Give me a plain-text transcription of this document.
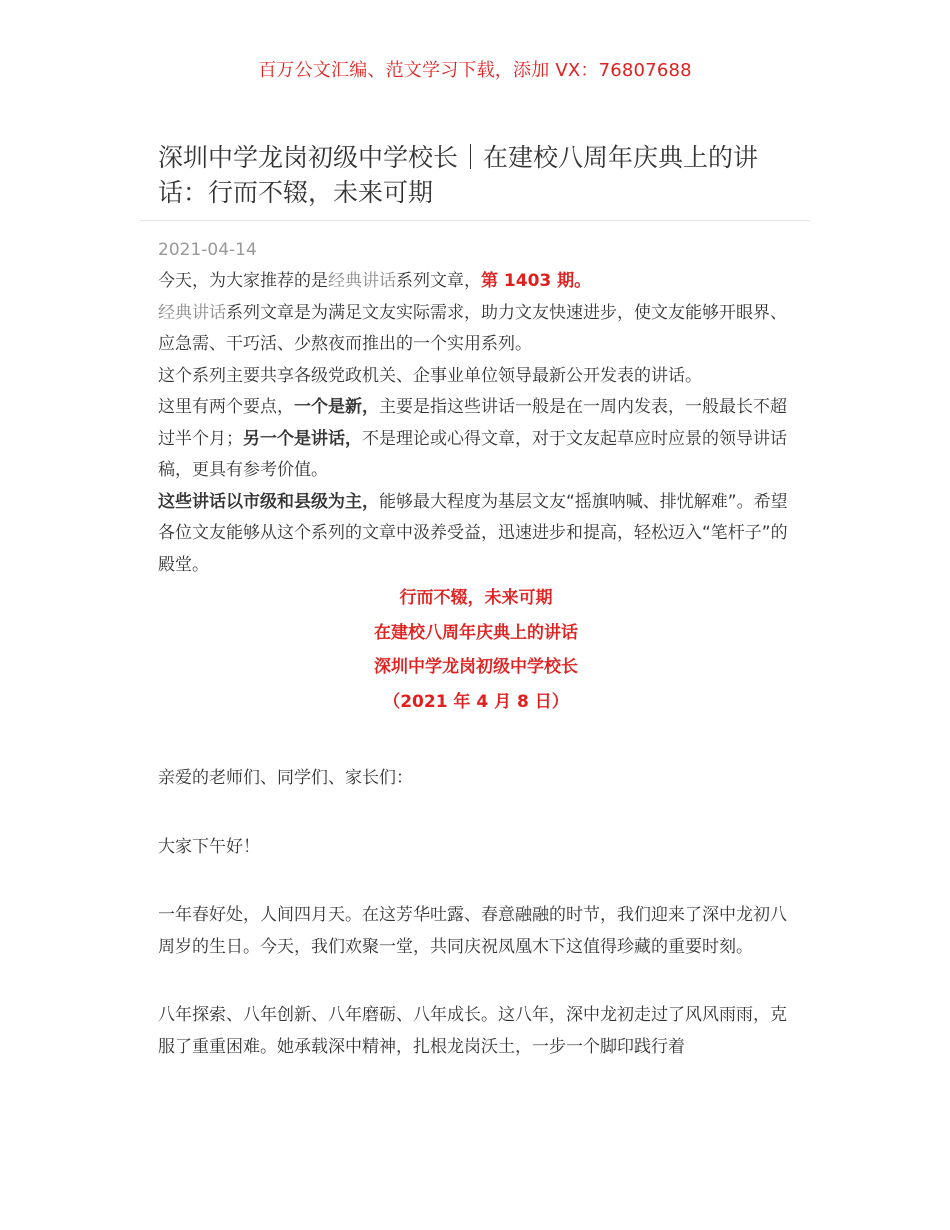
百万公文汇编、范文学习下载，添加 VX：76807688
深圳中学龙岗初级中学校长｜在建校八周年庆典上的讲话：行而不辍，未来可期
2021-04-14

今天，为大家推荐的是经典讲话系列文章，第 1403 期。

经典讲话系列文章是为满足文友实际需求，助力文友快速进步，使文友能够开眼界、应急需、干巧活、少熬夜而推出的一个实用系列。

这个系列主要共享各级党政机关、企事业单位领导最新公开发表的讲话。

这里有两个要点，一个是新，主要是指这些讲话一般是在一周内发表，一般最长不超过半个月；另一个是讲话，不是理论或心得文章，对于文友起草应时应景的领导讲话稿，更具有参考价值。

这些讲话以市级和县级为主，能够最大程度为基层文友“摇旗呐喊、排忧解难”。希望各位文友能够从这个系列的文章中汲养受益，迅速进步和提高，轻松迈入“笔杆子”的殿堂。

行而不辍，未来可期
在建校八周年庆典上的讲话
深圳中学龙岗初级中学校长
（2021 年 4 月 8 日）

亲爱的老师们、同学们、家长们：

大家下午好！

一年春好处，人间四月天。在这芳华吐露、春意融融的时节，我们迎来了深中龙初八周岁的生日。今天，我们欢聚一堂，共同庆祝凤凰木下这值得珍藏的重要时刻。

八年探索、八年创新、八年磨砺、八年成长。这八年，深中龙初走过了风风雨雨，克服了重重困难。她承载深中精神，扎根龙岗沃土，一步一个脚印践行着
